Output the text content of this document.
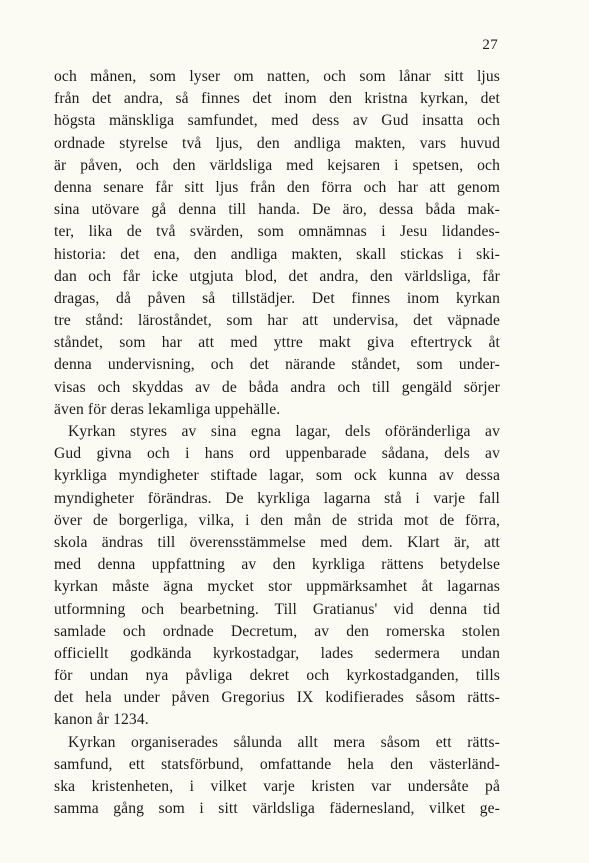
27
och månen, som lyser om natten, och som lånar sitt ljus
från det andra, så finnes det inom den kristna kyrkan, det
högsta mänskliga samfundet, med dess av Gud insatta och
ordnade styrelse två ljus, den andliga makten, vars huvud
är påven, och den världsliga med kejsaren i spetsen, och
denna senare får sitt ljus från den förra och har att genom
sina utövare gå denna till handa. De äro, dessa båda mak-
ter, lika de två svärden, som omnämnas i Jesu lidandes-
historia: det ena, den andliga makten, skall stickas i ski-
dan och får icke utgjuta blod, det andra, den världsliga, får
dragas, då påven så tillstädjer. Det finnes inom kyrkan
tre stånd: läroståndet, som har att undervisa, det väpnade
ståndet, som har att med yttre makt giva eftertryck åt
denna undervisning, och det närande ståndet, som under-
visas och skyddas av de båda andra och till gengäld sörjer
även för deras lekamliga uppehälle.
Kyrkan styres av sina egna lagar, dels oföränderliga av
Gud givna och i hans ord uppenbarade sådana, dels av
kyrkliga myndigheter stiftade lagar, som ock kunna av dessa
myndigheter förändras. De kyrkliga lagarna stå i varje fall
över de borgerliga, vilka, i den mån de strida mot de förra,
skola ändras till överensstämmelse med dem. Klart är, att
med denna uppfattning av den kyrkliga rättens betydelse
kyrkan måste ägna mycket stor uppmärksamhet åt lagarnas
utformning och bearbetning. Till Gratianus' vid denna tid
samlade och ordnade Decretum, av den romerska stolen
officiellt godkända kyrkostadgar, lades sedermera undan
för undan nya påvliga dekret och kyrkostadganden, tills
det hela under påven Gregorius IX kodifierades såsom rätts-
kanon år 1234.
Kyrkan organiserades sålunda allt mera såsom ett rätts-
samfund, ett statsförbund, omfattande hela den västerländ-
ska kristenheten, i vilket varje kristen var undersåte på
samma gång som i sitt världsliga fädernesland, vilket ge-
